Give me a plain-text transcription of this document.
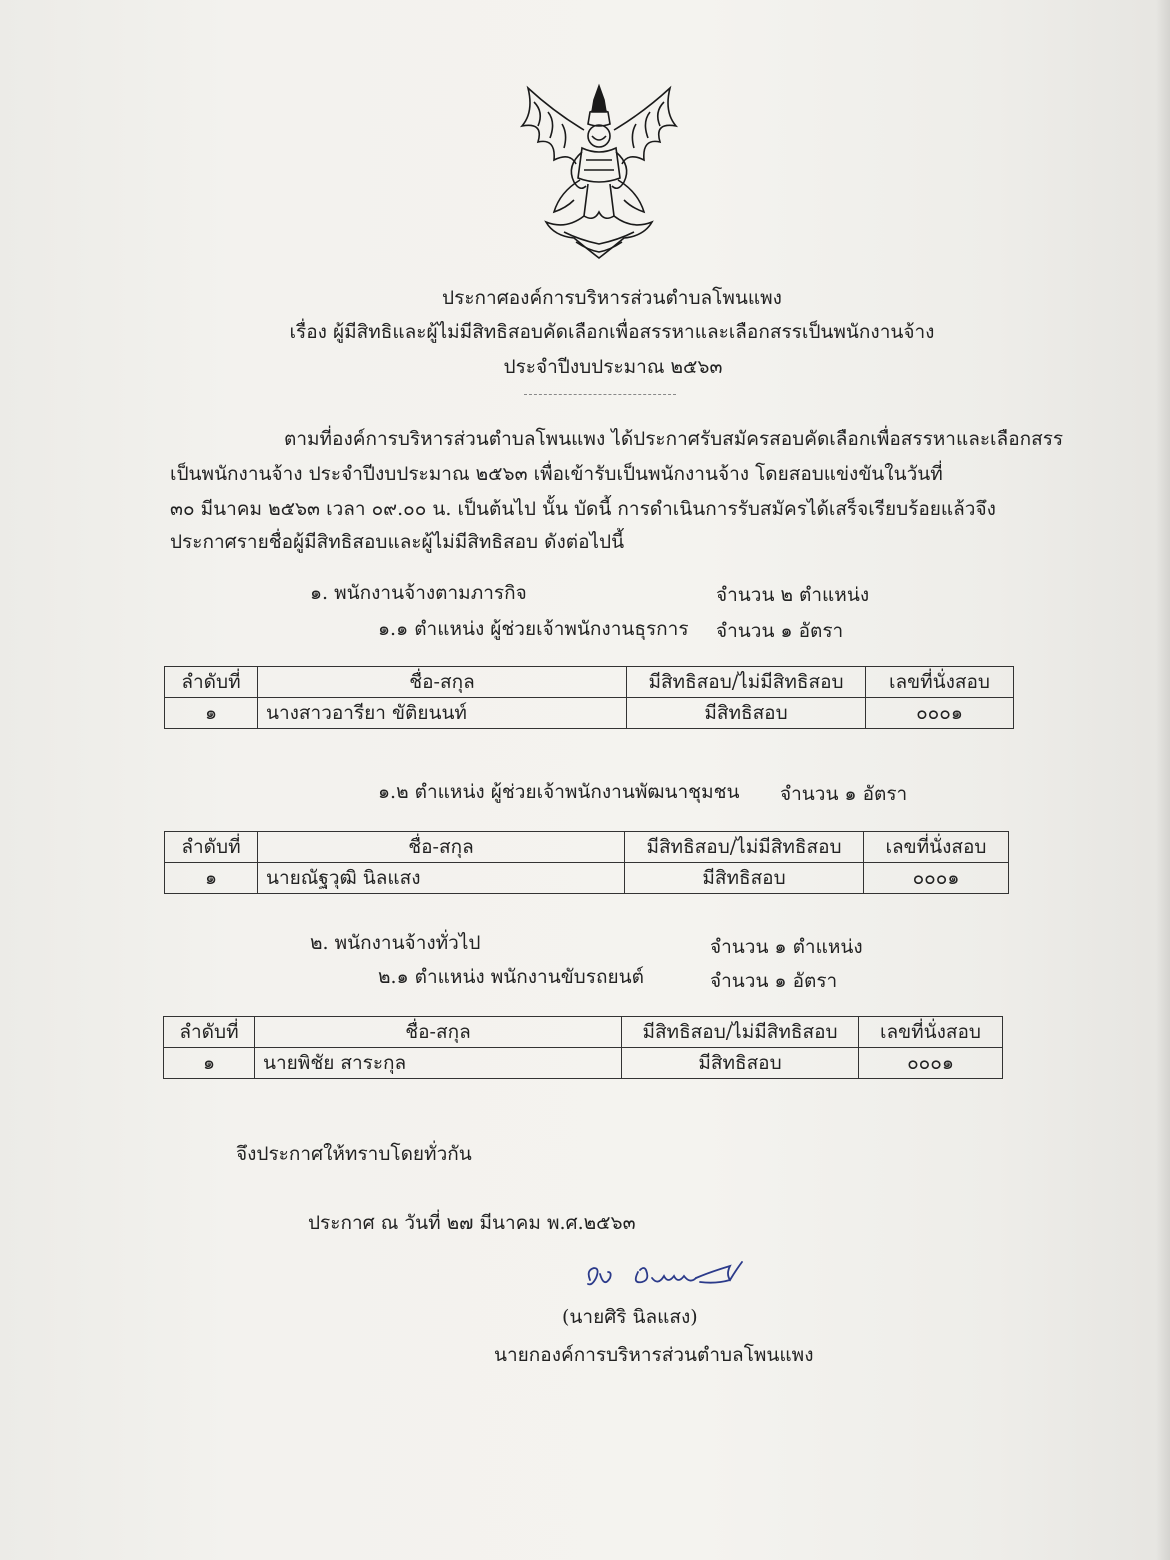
ประกาศองค์การบริหารส่วนตำบลโพนแพง
เรื่อง ผู้มีสิทธิและผู้ไม่มีสิทธิสอบคัดเลือกเพื่อสรรหาและเลือกสรรเป็นพนักงานจ้าง
ประจำปีงบประมาณ ๒๕๖๓
ตามที่องค์การบริหารส่วนตำบลโพนแพง ได้ประกาศรับสมัครสอบคัดเลือกเพื่อสรรหาและเลือกสรร
เป็นพนักงานจ้าง ประจำปีงบประมาณ ๒๕๖๓ เพื่อเข้ารับเป็นพนักงานจ้าง โดยสอบแข่งขันในวันที่
๓๐ มีนาคม ๒๕๖๓ เวลา ๐๙.๐๐ น. เป็นต้นไป นั้น บัดนี้ การดำเนินการรับสมัครได้เสร็จเรียบร้อยแล้วจึง
ประกาศรายชื่อผู้มีสิทธิสอบและผู้ไม่มีสิทธิสอบ ดังต่อไปนี้
๑. พนักงานจ้างตามภารกิจ	จำนวน ๒ ตำแหน่ง
๑.๑ ตำแหน่ง ผู้ช่วยเจ้าพนักงานธุรการ จำนวน ๑ อัตรา
ลำดับที่	ชื่อ-สกุล	มีสิทธิสอบ/ไม่มีสิทธิสอบ	เลขที่นั่งสอบ
๑	นางสาวอารียา ขัติยนนท์	มีสิทธิสอบ	๐๐๐๑
๑.๒ ตำแหน่ง ผู้ช่วยเจ้าพนักงานพัฒนาชุมชน จำนวน ๑ อัตรา
ลำดับที่	ชื่อ-สกุล	มีสิทธิสอบ/ไม่มีสิทธิสอบ	เลขที่นั่งสอบ
๑	นายณัฐวุฒิ นิลแสง	มีสิทธิสอบ	๐๐๐๑
๒. พนักงานจ้างทั่วไป	จำนวน ๑ ตำแหน่ง
๒.๑ ตำแหน่ง พนักงานขับรถยนต์	จำนวน ๑ อัตรา
ลำดับที่	ชื่อ-สกุล	มีสิทธิสอบ/ไม่มีสิทธิสอบ	เลขที่นั่งสอบ
๑	นายพิชัย สาระกุล	มีสิทธิสอบ	๐๐๐๑
จึงประกาศให้ทราบโดยทั่วกัน
ประกาศ ณ วันที่ ๒๗ มีนาคม พ.ศ.๒๕๖๓
(นายศิริ นิลแสง)
นายกองค์การบริหารส่วนตำบลโพนแพง
